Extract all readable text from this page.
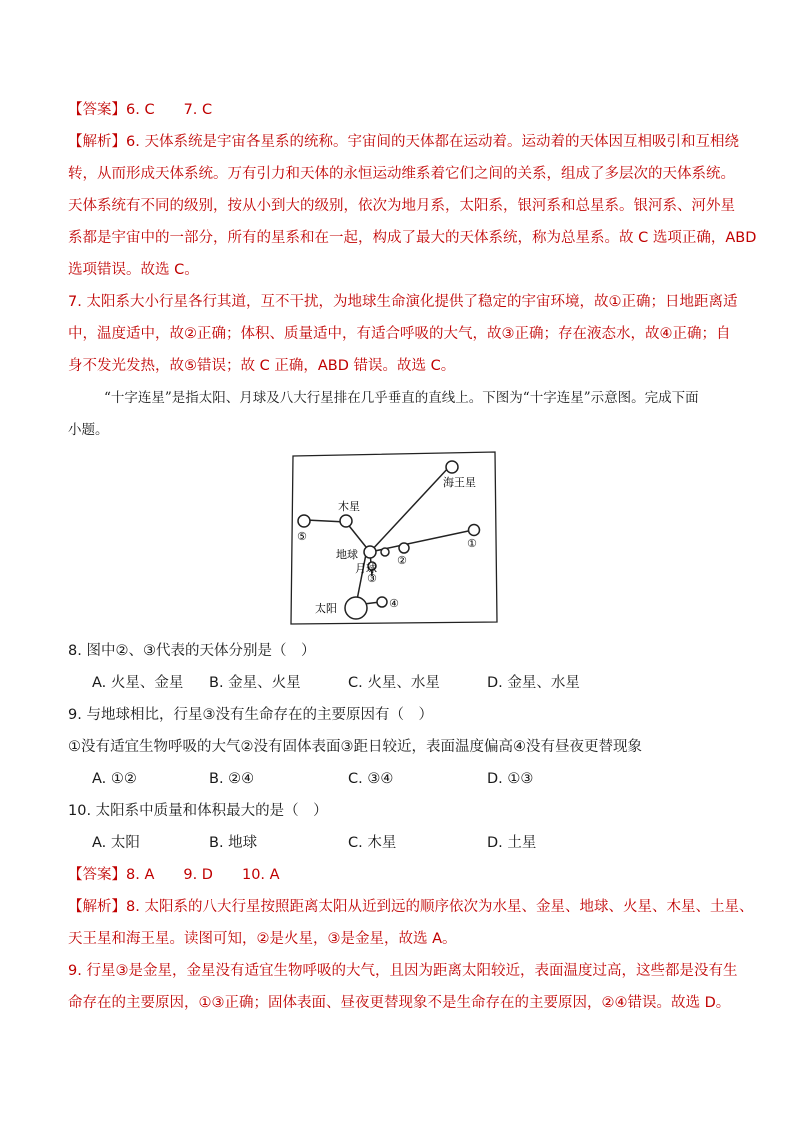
【答案】6. C　　7. C
【解析】6. 天体系统是宇宙各星系的统称。宇宙间的天体都在运动着。运动着的天体因互相吸引和互相绕
转，从而形成天体系统。万有引力和天体的永恒运动维系着它们之间的关系，组成了多层次的天体系统。
天体系统有不同的级别，按从小到大的级别，依次为地月系，太阳系，银河系和总星系。银河系、河外星
系都是宇宙中的一部分，所有的星系和在一起，构成了最大的天体系统，称为总星系。故 C 选项正确，ABD
选项错误。故选 C。
7. 太阳系大小行星各行其道，互不干扰，为地球生命演化提供了稳定的宇宙环境，故①正确；日地距离适
中，温度适中，故②正确；体积、质量适中，有适合呼吸的大气，故③正确；存在液态水，故④正确；自
身不发光发热，故⑤错误；故 C 正确，ABD 错误。故选 C。
“十字连星”是指太阳、月球及八大行星排在几乎垂直的直线上。下图为“十字连星”示意图。完成下面
小题。
海王星
木星
地球
月球
太阳
①
②
③
④
⑤
8. 图中②、③代表的天体分别是（　）
A. 火星、金星 B. 金星、火星	C. 火星、水星	D. 金星、水星
9. 与地球相比，行星③没有生命存在的主要原因有（　）
①没有适宜生物呼吸的大气②没有固体表面③距日较近，表面温度偏高④没有昼夜更替现象
A. ①②	B. ②④	C. ③④	D. ①③
10. 太阳系中质量和体积最大的是（　）
A. 太阳	B. 地球	C. 木星	D. 土星
【答案】8. A　　9. D　　10. A
【解析】8. 太阳系的八大行星按照距离太阳从近到远的顺序依次为水星、金星、地球、火星、木星、土星、
天王星和海王星。读图可知，②是火星，③是金星，故选 A。
9. 行星③是金星，金星没有适宜生物呼吸的大气，且因为距离太阳较近，表面温度过高，这些都是没有生
命存在的主要原因，①③正确；固体表面、昼夜更替现象不是生命存在的主要原因，②④错误。故选 D。
